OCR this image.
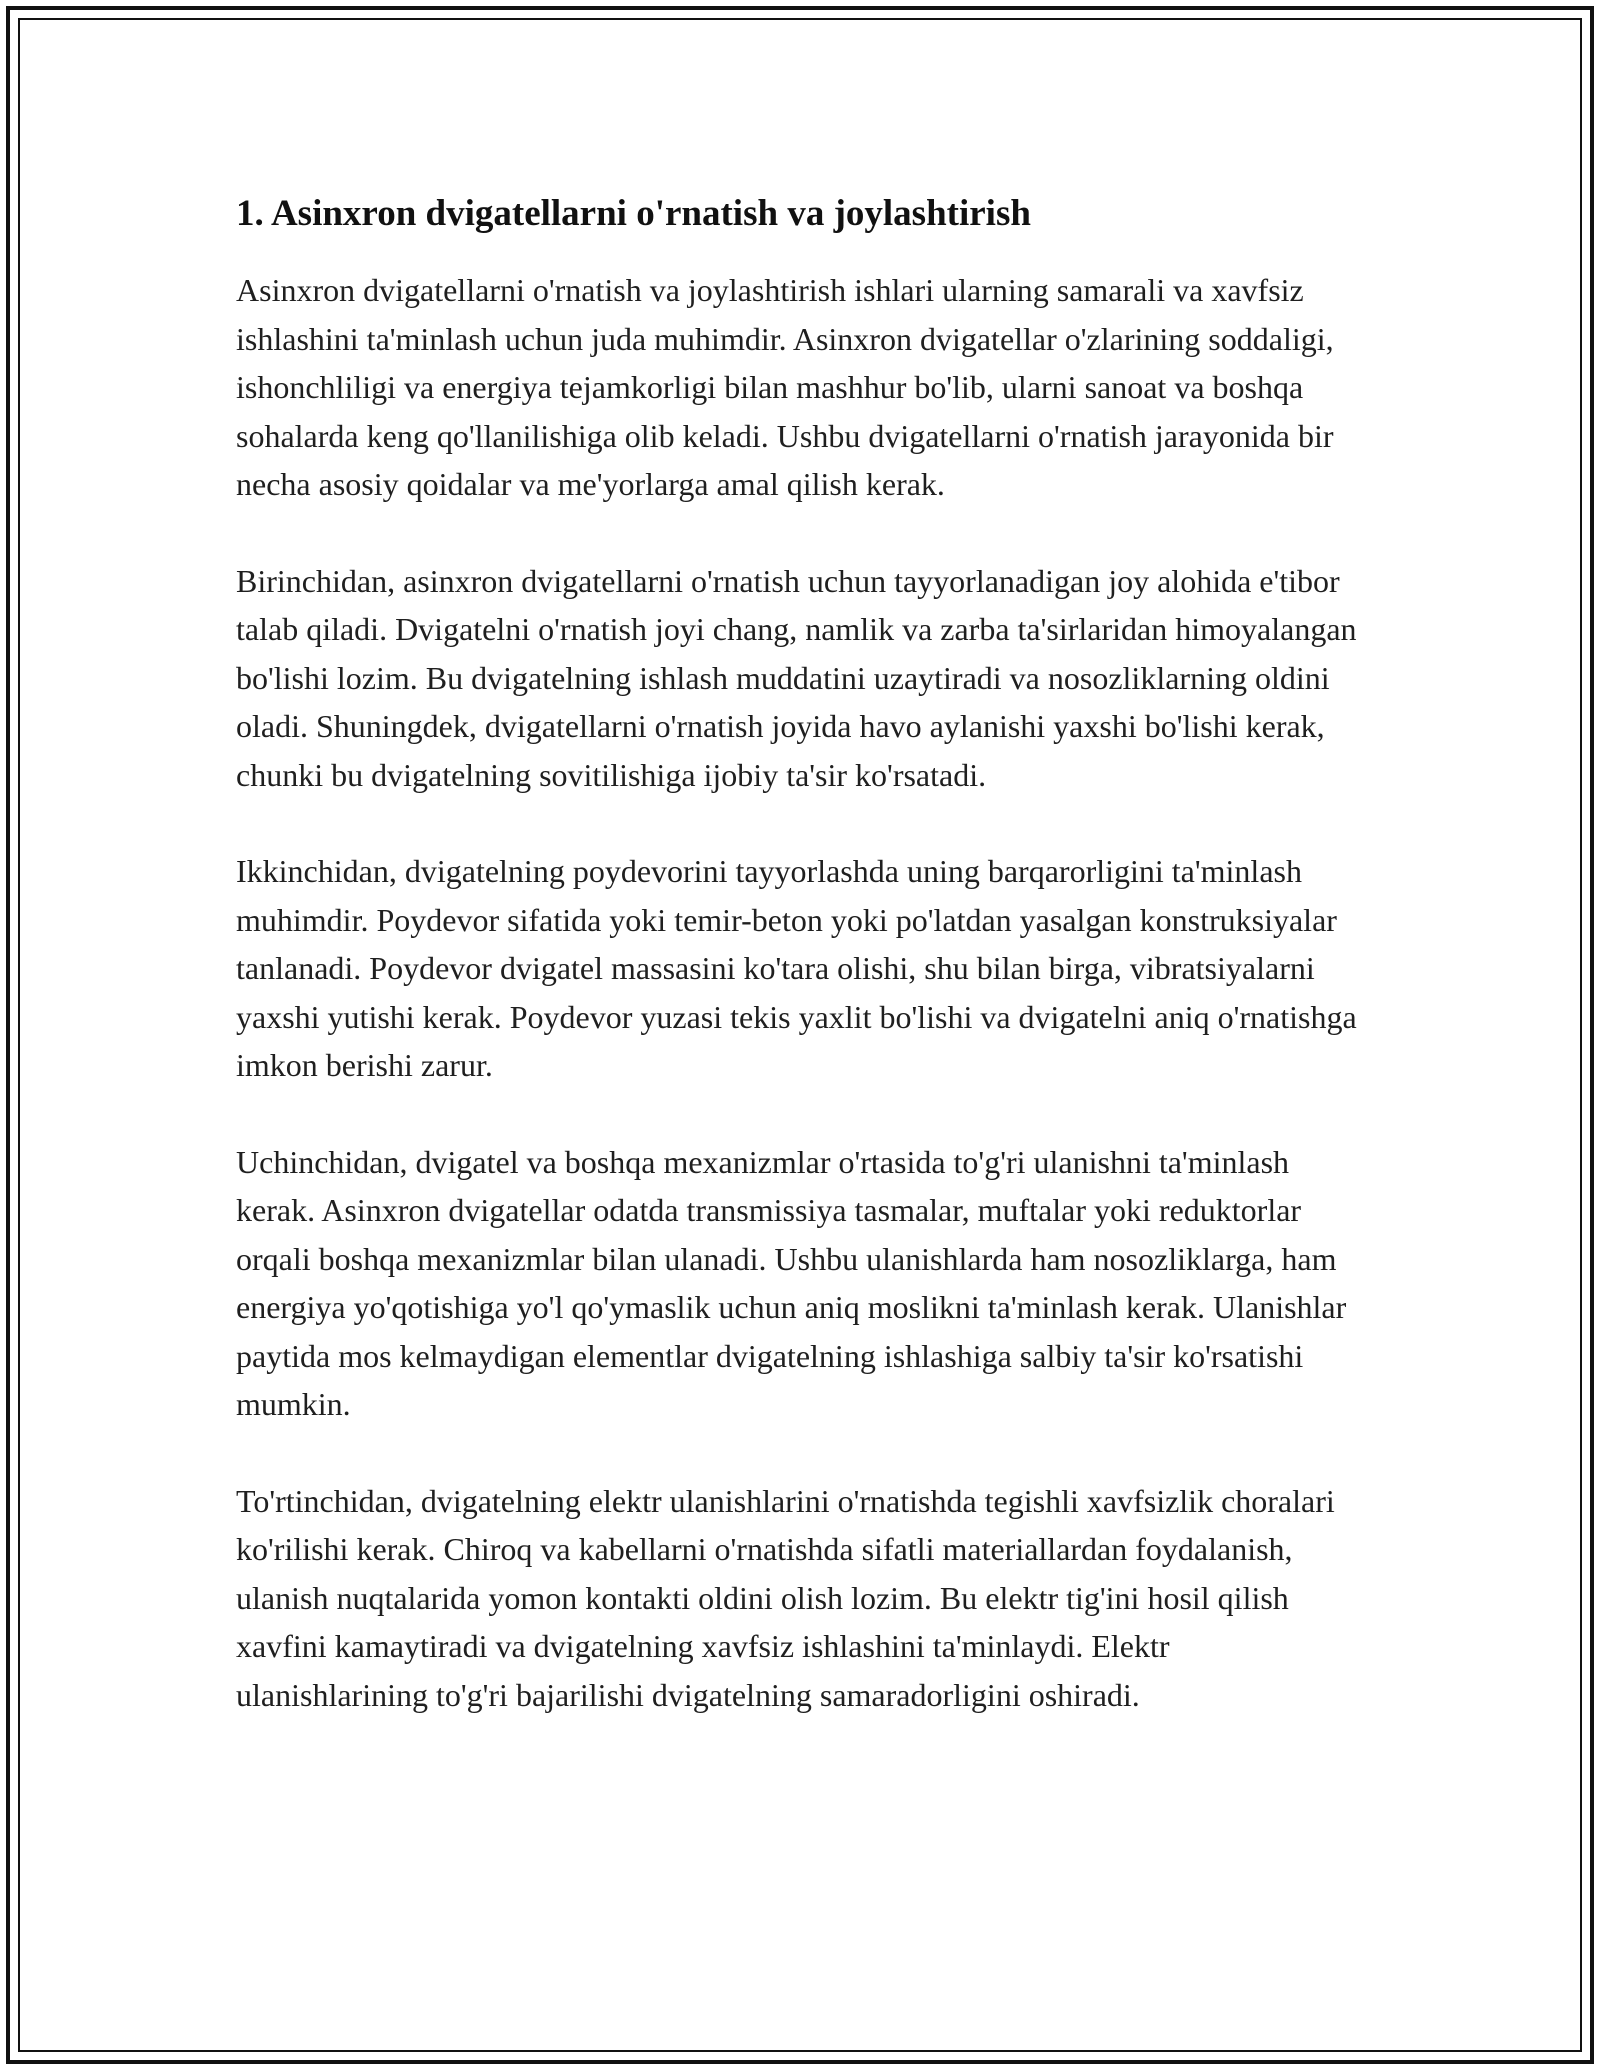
1. Asinxron dvigatellarni o'rnatish va joylashtirish

Asinxron dvigatellarni o'rnatish va joylashtirish ishlari ularning samarali va xavfsiz ishlashini ta'minlash uchun juda muhimdir. Asinxron dvigatellar o'zlarining soddaligi, ishonchliligi va energiya tejamkorligi bilan mashhur bo'lib, ularni sanoat va boshqa sohalarda keng qo'llanilishiga olib keladi. Ushbu dvigatellarni o'rnatish jarayonida bir necha asosiy qoidalar va me'yorlarga amal qilish kerak.

Birinchidan, asinxron dvigatellarni o'rnatish uchun tayyorlanadigan joy alohida e'tibor talab qiladi. Dvigatelni o'rnatish joyi chang, namlik va zarba ta'sirlaridan himoyalangan bo'lishi lozim. Bu dvigatelning ishlash muddatini uzaytiradi va nosozliklarning oldini oladi. Shuningdek, dvigatellarni o'rnatish joyida havo aylanishi yaxshi bo'lishi kerak, chunki bu dvigatelning sovitilishiga ijobiy ta'sir ko'rsatadi.

Ikkinchidan, dvigatelning poydevorini tayyorlashda uning barqarorligini ta'minlash muhimdir. Poydevor sifatida yoki temir-beton yoki po'latdan yasalgan konstruksiyalar tanlanadi. Poydevor dvigatel massasini ko'tara olishi, shu bilan birga, vibratsiyalarni yaxshi yutishi kerak. Poydevor yuzasi tekis yaxlit bo'lishi va dvigatelni aniq o'rnatishga imkon berishi zarur.

Uchinchidan, dvigatel va boshqa mexanizmlar o'rtasida to'g'ri ulanishni ta'minlash kerak. Asinxron dvigatellar odatda transmissiya tasmalar, muftalar yoki reduktorlar orqali boshqa mexanizmlar bilan ulanadi. Ushbu ulanishlarda ham nosozliklarga, ham energiya yo'qotishiga yo'l qo'ymaslik uchun aniq moslikni ta'minlash kerak. Ulanishlar paytida mos kelmaydigan elementlar dvigatelning ishlashiga salbiy ta'sir ko'rsatishi mumkin.

To'rtinchidan, dvigatelning elektr ulanishlarini o'rnatishda tegishli xavfsizlik choralari ko'rilishi kerak. Chiroq va kabellarni o'rnatishda sifatli materiallardan foydalanish, ulanish nuqtalarida yomon kontakti oldini olish lozim. Bu elektr tig'ini hosil qilish xavfini kamaytiradi va dvigatelning xavfsiz ishlashini ta'minlaydi. Elektr ulanishlarining to'g'ri bajarilishi dvigatelning samaradorligini oshiradi.
